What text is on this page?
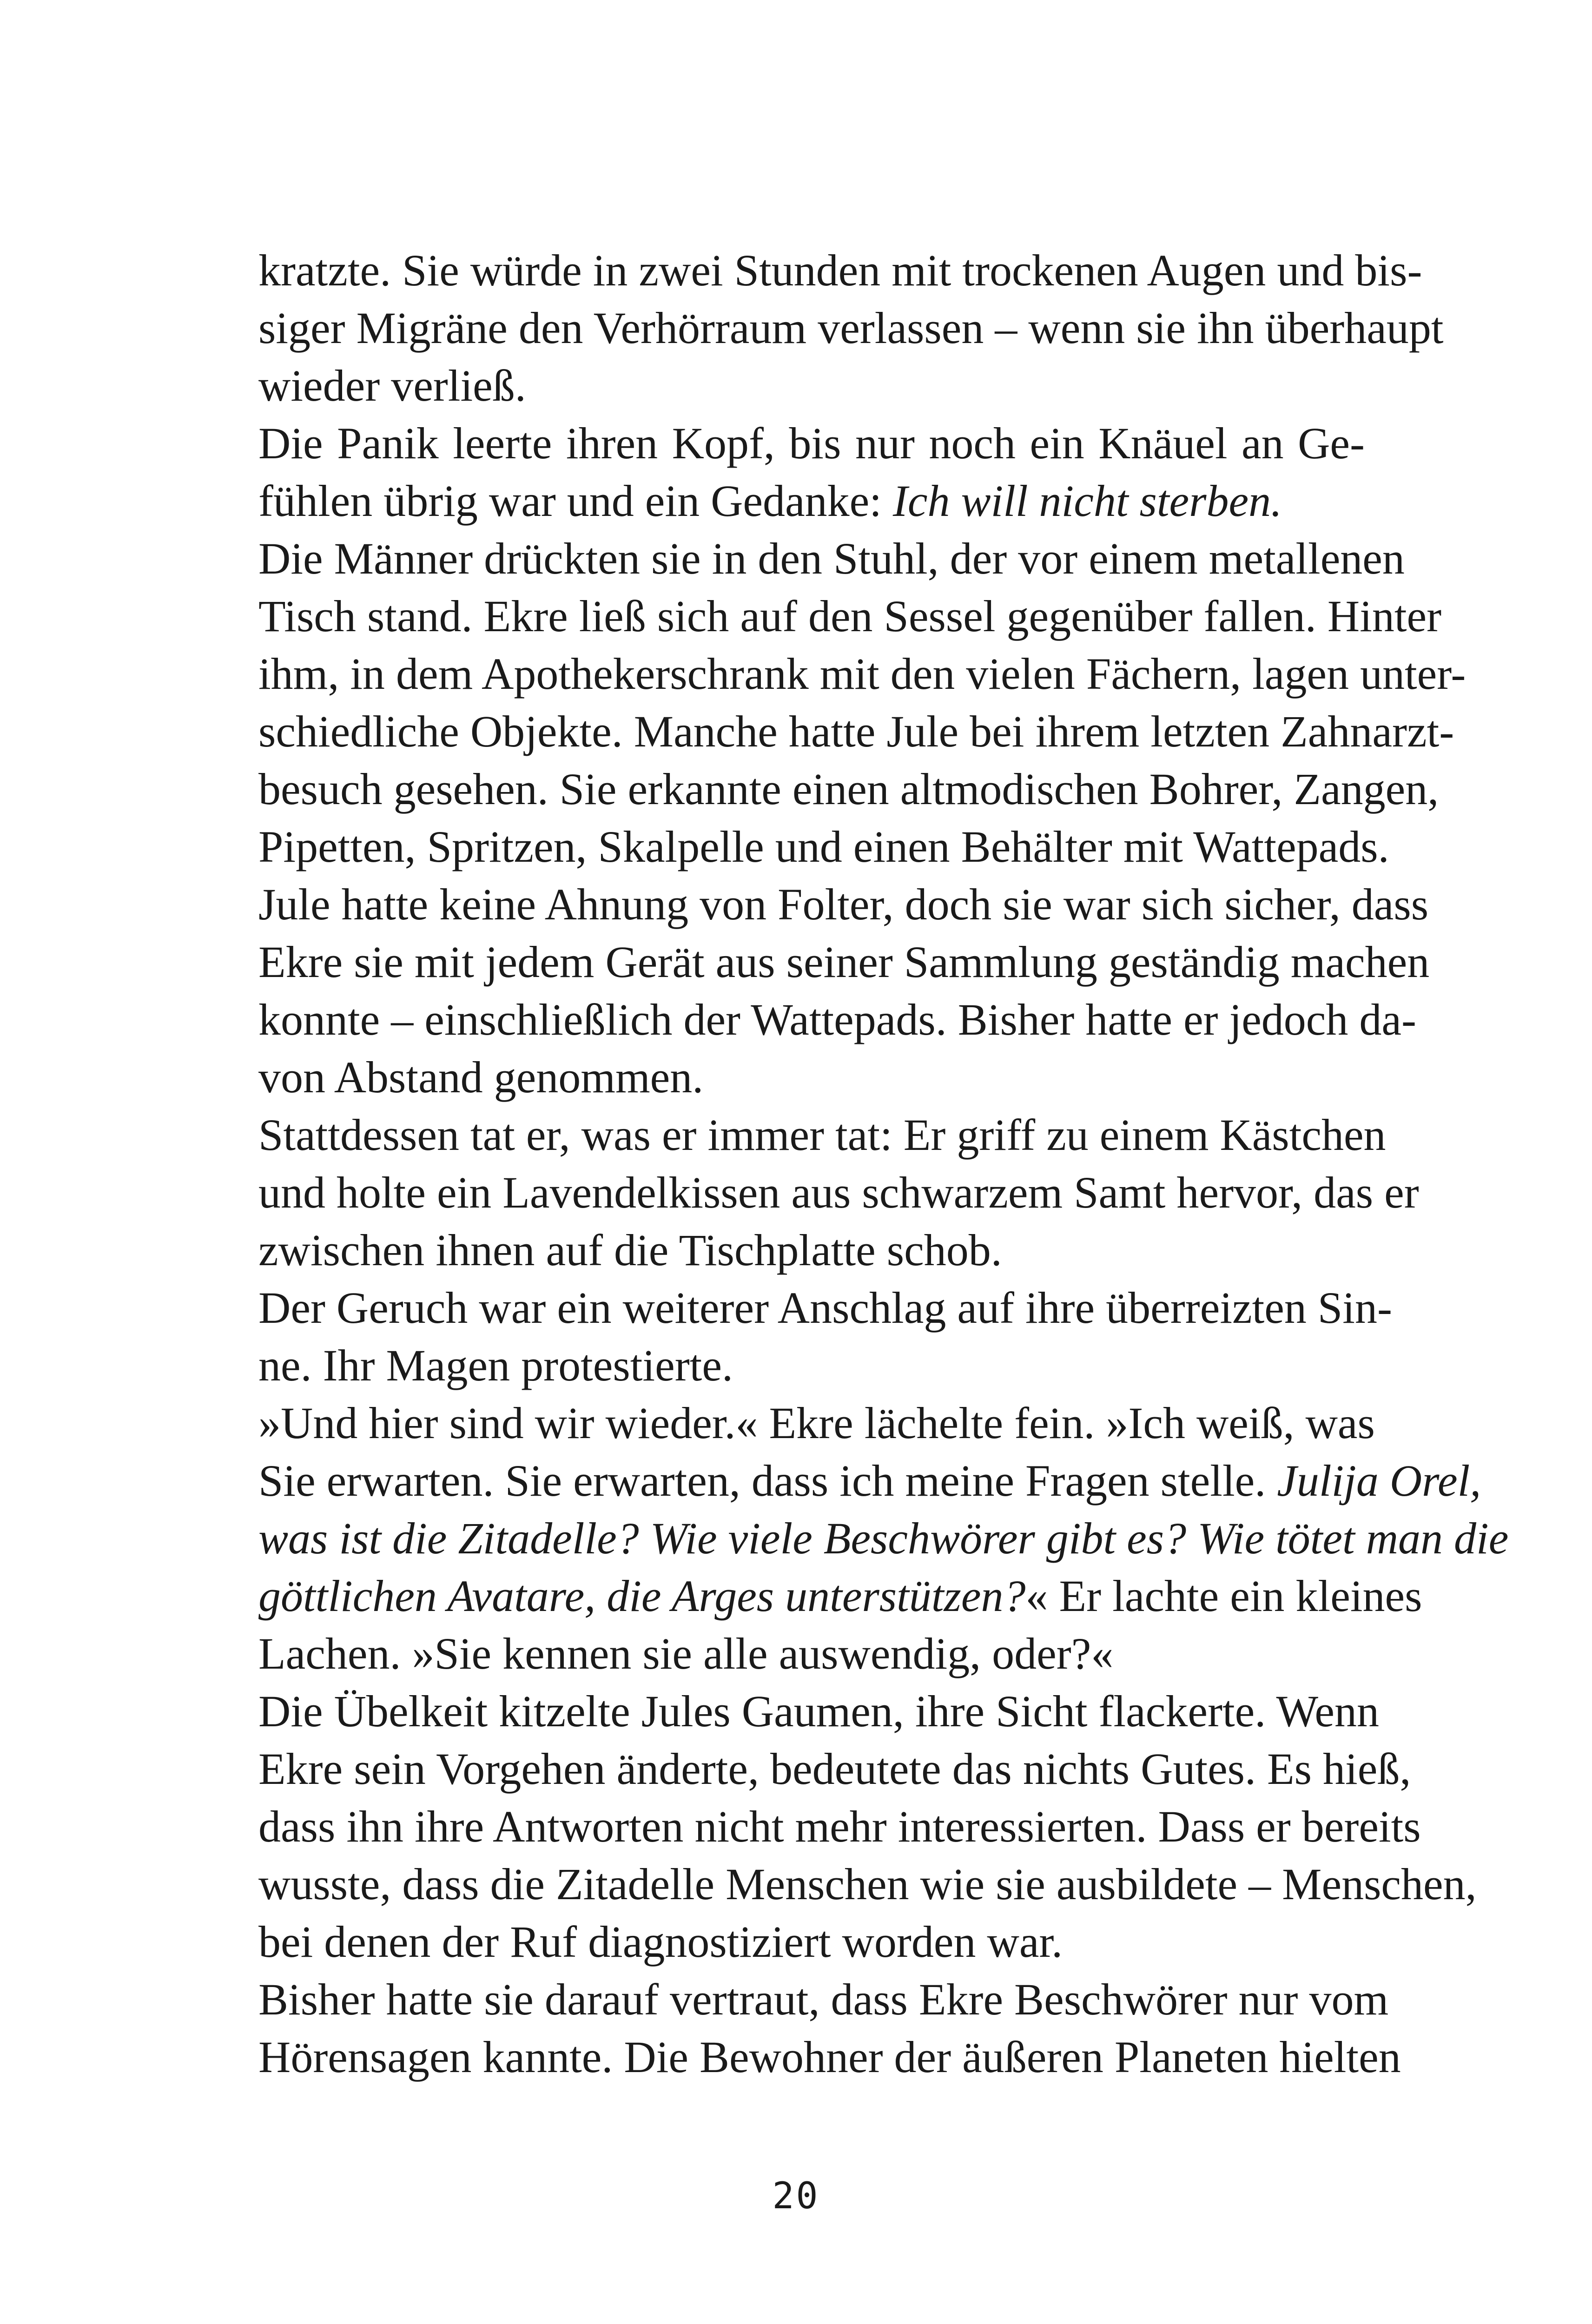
kratzte. Sie würde in zwei Stunden mit trockenen Augen und bis-
siger Migräne den Verhörraum verlassen – wenn sie ihn überhaupt
wieder verließ.

Die Panik leerte ihren Kopf, bis nur noch ein Knäuel an Ge-
fühlen übrig war und ein Gedanke: Ich will nicht sterben.

Die Männer drückten sie in den Stuhl, der vor einem metallenen
Tisch stand. Ekre ließ sich auf den Sessel gegenüber fallen. Hinter
ihm, in dem Apothekerschrank mit den vielen Fächern, lagen unter-
schiedliche Objekte. Manche hatte Jule bei ihrem letzten Zahnarzt-
besuch gesehen. Sie erkannte einen altmodischen Bohrer, Zangen,
Pipetten, Spritzen, Skalpelle und einen Behälter mit Wattepads.

Jule hatte keine Ahnung von Folter, doch sie war sich sicher, dass
Ekre sie mit jedem Gerät aus seiner Sammlung geständig machen
konnte – einschließlich der Wattepads. Bisher hatte er jedoch da-
von Abstand genommen.

Stattdessen tat er, was er immer tat: Er griff zu einem Kästchen
und holte ein Lavendelkissen aus schwarzem Samt hervor, das er
zwischen ihnen auf die Tischplatte schob.

Der Geruch war ein weiterer Anschlag auf ihre überreizten Sin-
ne. Ihr Magen protestierte.

»Und hier sind wir wieder.« Ekre lächelte fein. »Ich weiß, was
Sie erwarten. Sie erwarten, dass ich meine Fragen stelle. Julija Orel,
was ist die Zitadelle? Wie viele Beschwörer gibt es? Wie tötet man die
göttlichen Avatare, die Arges unterstützen?« Er lachte ein kleines
Lachen. »Sie kennen sie alle auswendig, oder?«

Die Übelkeit kitzelte Jules Gaumen, ihre Sicht flackerte. Wenn
Ekre sein Vorgehen änderte, bedeutete das nichts Gutes. Es hieß,
dass ihn ihre Antworten nicht mehr interessierten. Dass er bereits
wusste, dass die Zitadelle Menschen wie sie ausbildete – Menschen,
bei denen der Ruf diagnostiziert worden war.

Bisher hatte sie darauf vertraut, dass Ekre Beschwörer nur vom
Hörensagen kannte. Die Bewohner der äußeren Planeten hielten

20
